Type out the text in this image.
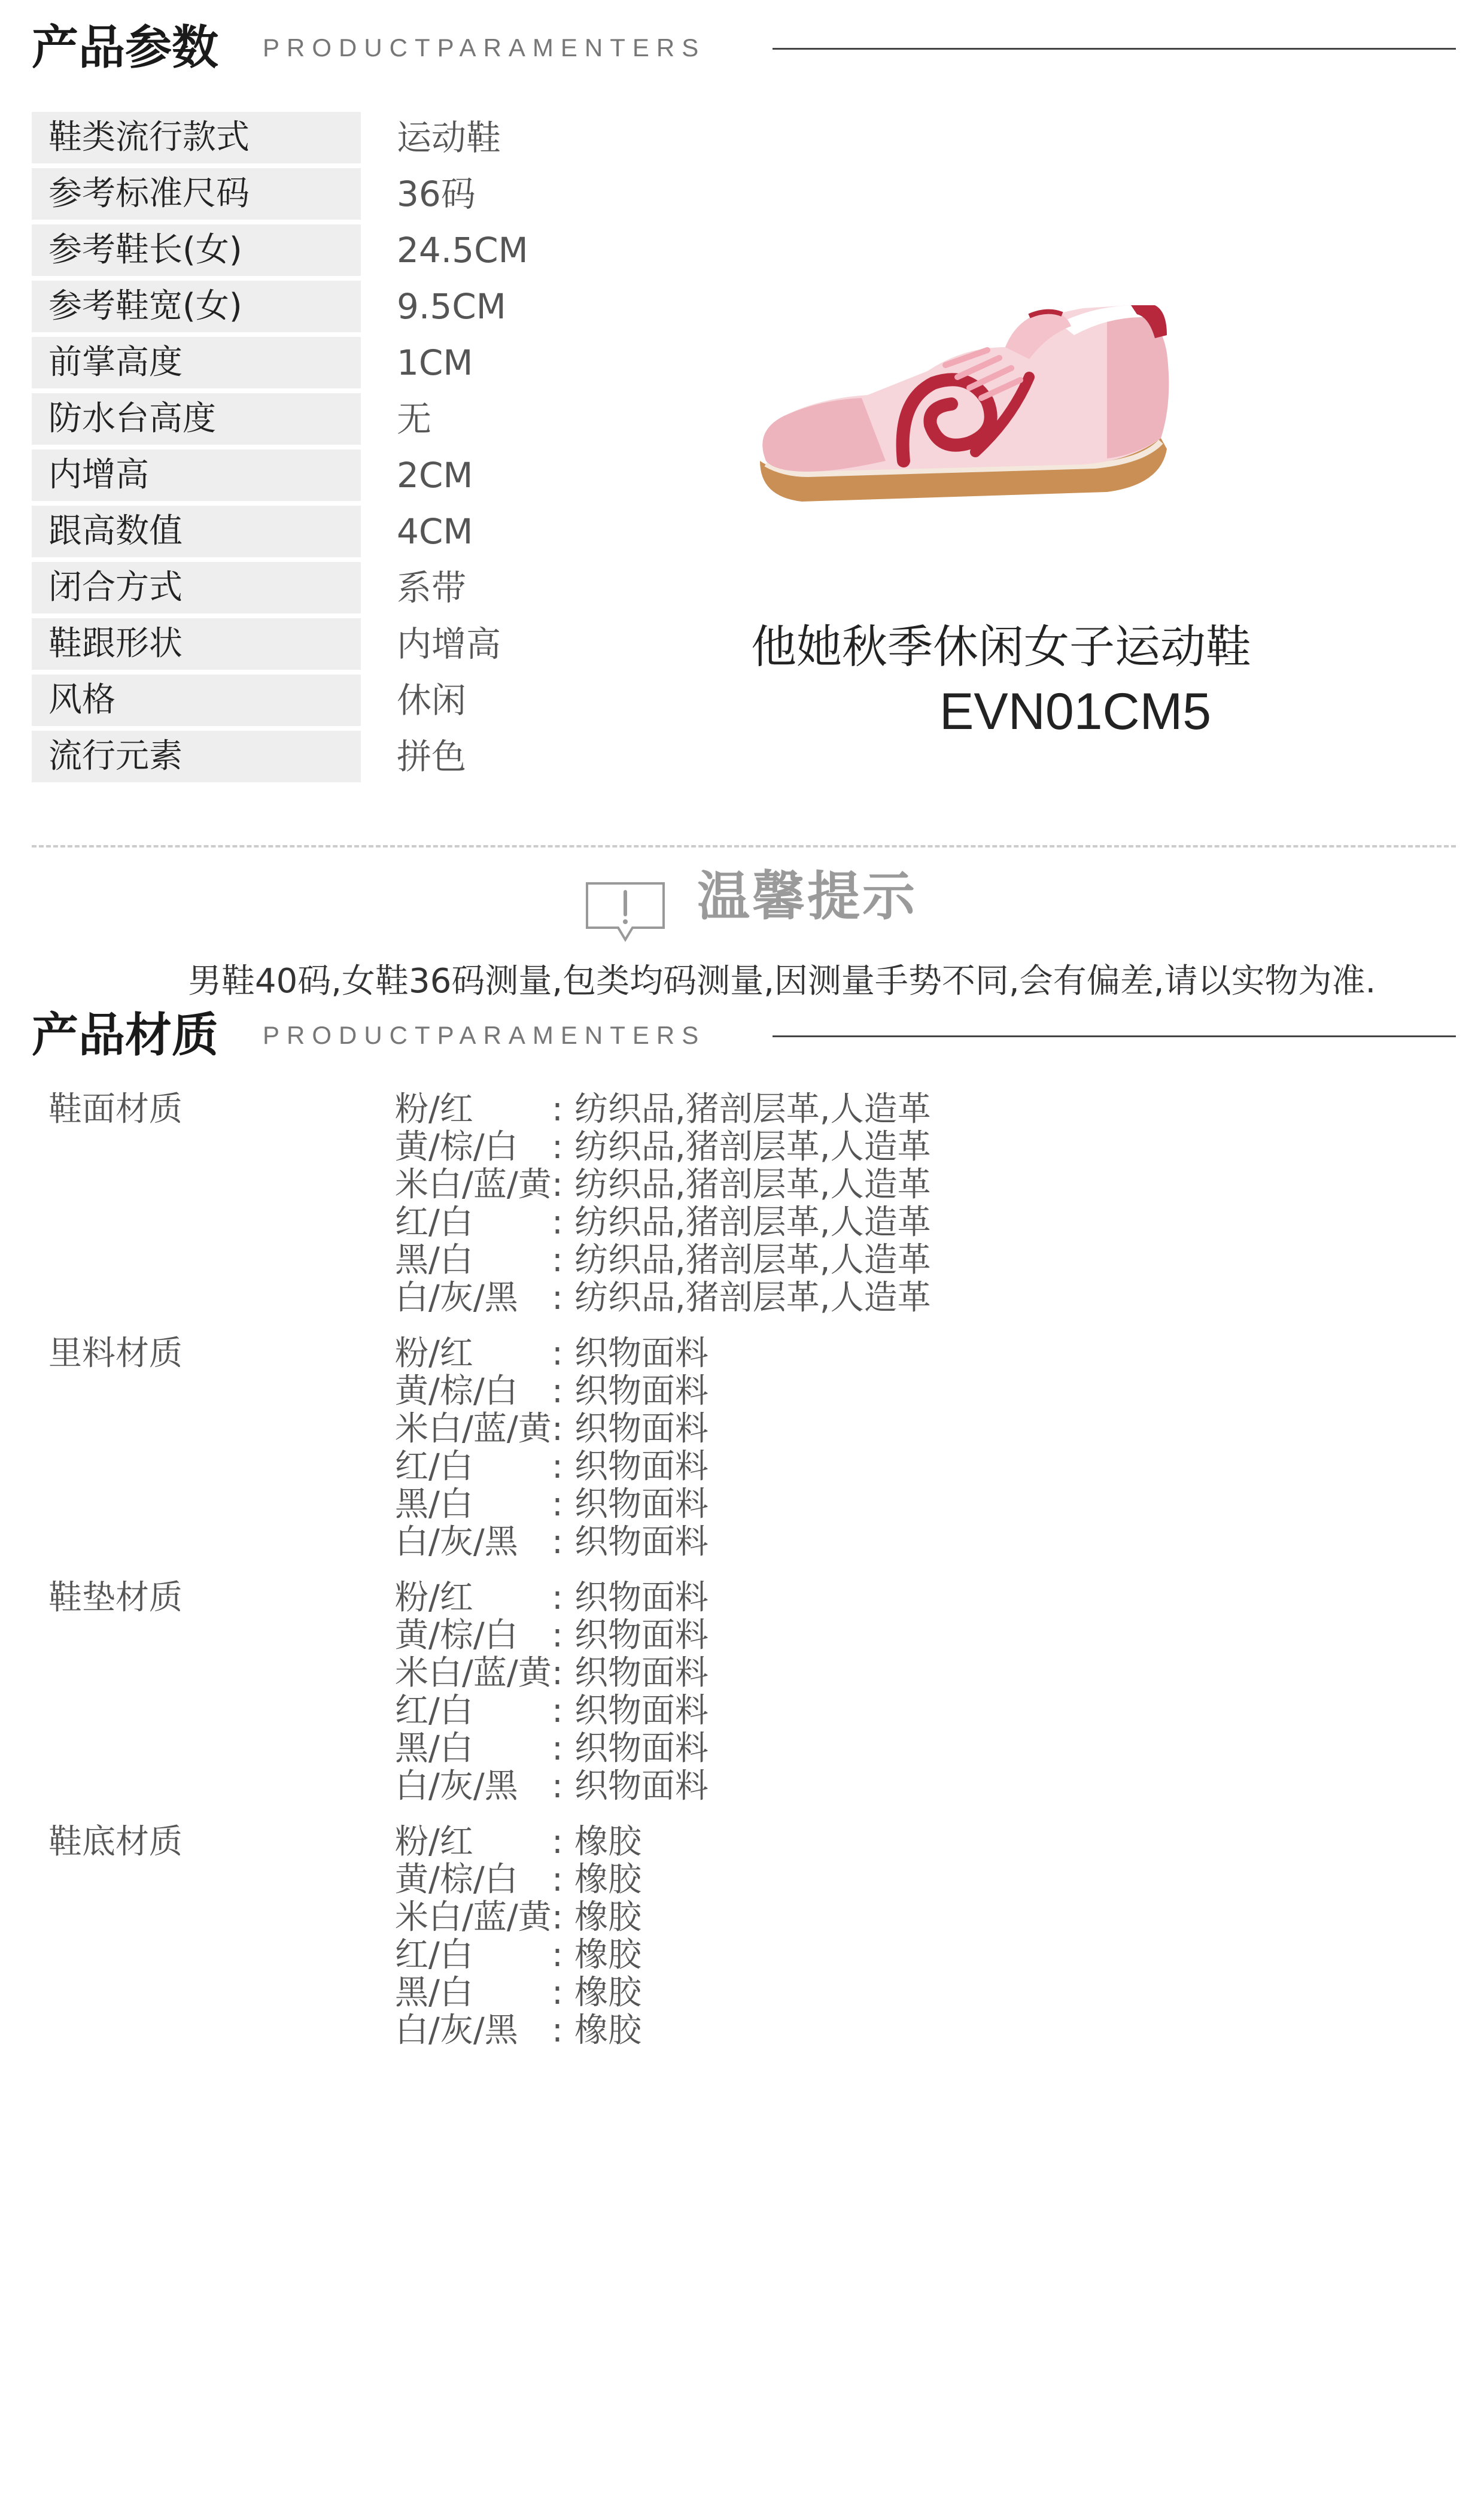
产品参数 PRODUCTPARAMENTERS
鞋类流行款式	运动鞋
参考标准尺码	36码
参考鞋长(女)	24.5CM
参考鞋宽(女)	9.5CM
前掌高度	1CM
防水台高度	无
内增高	2CM
跟高数值	4CM
闭合方式	系带
鞋跟形状	内增高
风格	休闲
流行元素	拼色
他她秋季休闲女子运动鞋
EVN01CM5
温馨提示
男鞋40码,女鞋36码测量,包类均码测量,因测量手势不同,会有偏差,请以实物为准.
产品材质 PRODUCTPARAMENTERS
鞋面材质	粉/红 : 纺织品,猪剖层革,人造革
黄/棕/白 : 纺织品,猪剖层革,人造革
米白/蓝/黄 : 纺织品,猪剖层革,人造革
红/白 : 纺织品,猪剖层革,人造革
黑/白 : 纺织品,猪剖层革,人造革
白/灰/黑 : 纺织品,猪剖层革,人造革
里料材质	粉/红 : 织物面料
黄/棕/白 : 织物面料
米白/蓝/黄 : 织物面料
红/白 : 织物面料
黑/白 : 织物面料
白/灰/黑 : 织物面料
鞋垫材质	粉/红 : 织物面料
黄/棕/白 : 织物面料
米白/蓝/黄 : 织物面料
红/白 : 织物面料
黑/白 : 织物面料
白/灰/黑 : 织物面料
鞋底材质	粉/红 : 橡胶
黄/棕/白 : 橡胶
米白/蓝/黄 : 橡胶
红/白 : 橡胶
黑/白 : 橡胶
白/灰/黑 : 橡胶
